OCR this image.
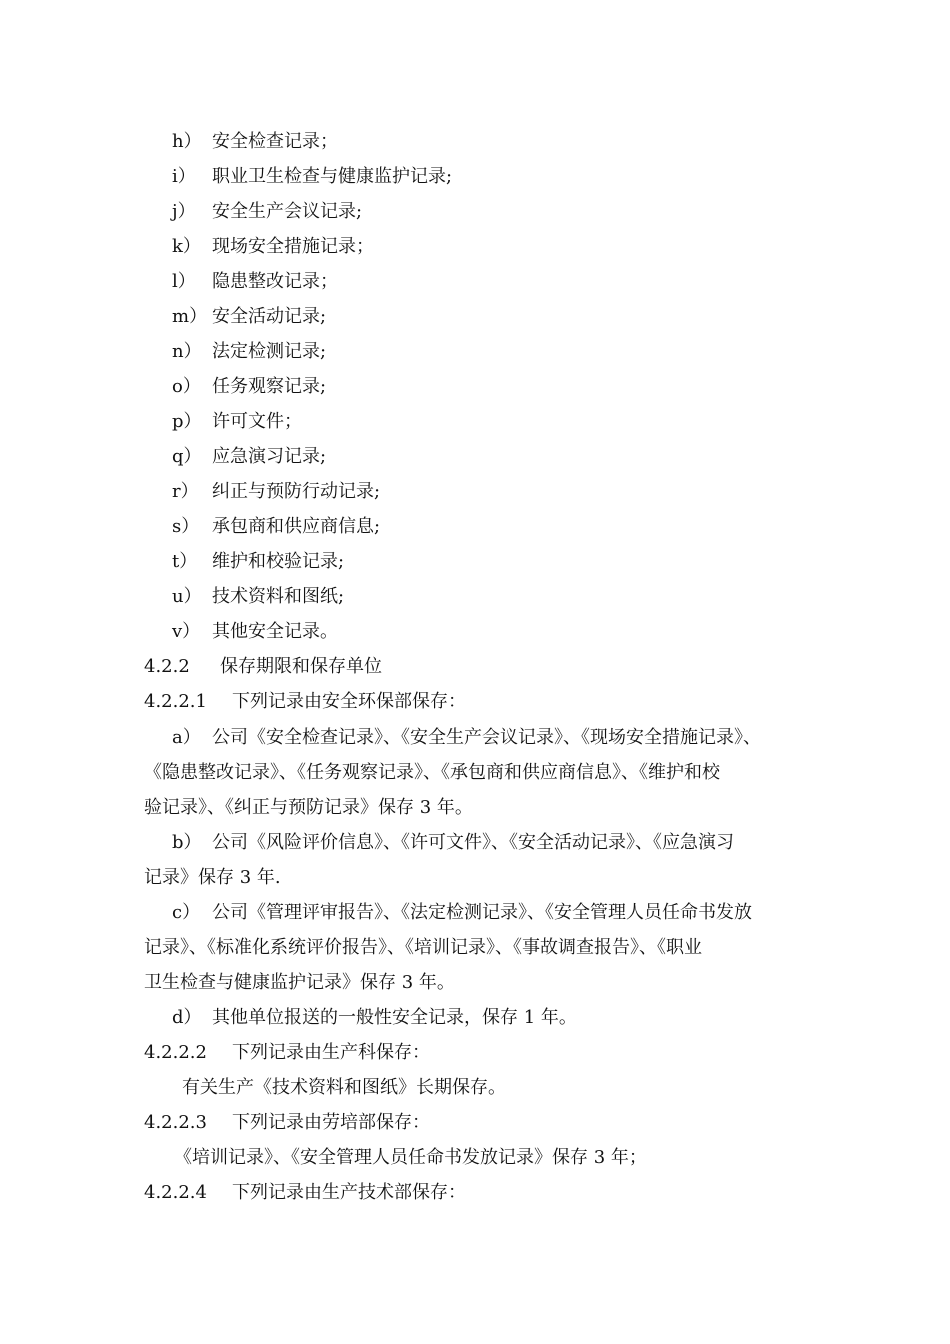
h） 安全检查记录；
i） 职业卫生检查与健康监护记录;
j） 安全生产会议记录;
k） 现场安全措施记录；
l） 隐患整改记录；
m） 安全活动记录;
n） 法定检测记录;
o） 任务观察记录;
p） 许可文件；
q） 应急演习记录;
r） 纠正与预防行动记录;
s） 承包商和供应商信息;
t） 维护和校验记录;
u） 技术资料和图纸;
v） 其他安全记录。
4.2.2 保存期限和保存单位
4.2.2.1 下列记录由安全环保部保存：
a） 公司《安全检查记录》、《安全生产会议记录》、《现场安全措施记录》、
《隐患整改记录》、《任务观察记录》、《承包商和供应商信息》、《维护和校
验记录》、《纠正与预防记录》保存 3 年。
b） 公司《风险评价信息》、《许可文件》、《安全活动记录》、《应急演习
记录》保存 3 年.
c） 公司《管理评审报告》、《法定检测记录》、《安全管理人员任命书发放
记录》、《标准化系统评价报告》、《培训记录》、《事故调查报告》、《职业
卫生检查与健康监护记录》保存 3 年。
d） 其他单位报送的一般性安全记录，保存 1 年。
4.2.2.2 下列记录由生产科保存：
有关生产《技术资料和图纸》长期保存。
4.2.2.3 下列记录由劳培部保存：
《培训记录》、《安全管理人员任命书发放记录》保存 3 年；
4.2.2.4 下列记录由生产技术部保存：
